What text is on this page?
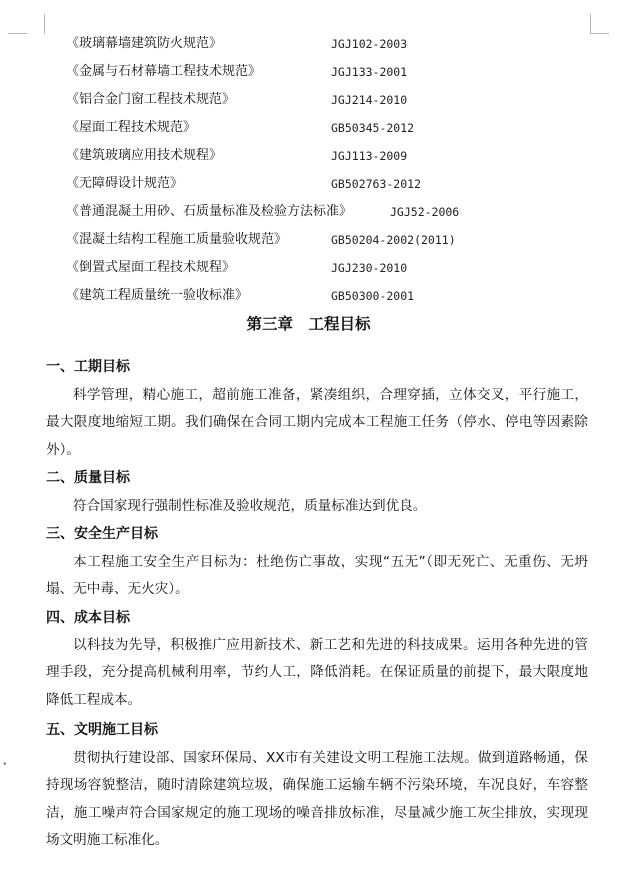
▾
《玻璃幕墙建筑防火规范》	JGJ102-2003
《金属与石材幕墙工程技术规范》	JGJ133-2001
《铝合金门窗工程技术规范》	JGJ214-2010
《屋面工程技术规范》	GB50345-2012
《建筑玻璃应用技术规程》	JGJ113-2009
《无障碍设计规范》	GB502763-2012
《普通混凝土用砂、石质量标准及检验方法标准》	JGJ52-2006
《混凝土结构工程施工质量验收规范》	GB50204-2002(2011)
《倒置式屋面工程技术规程》	JGJ230-2010
《建筑工程质量统一验收标准》	GB50300-2001
第三章　工程目标
一、工期目标
科学管理，精心施工，超前施工准备，紧凑组织，合理穿插，立体交叉，平行施工，最大限度地缩短工期。我们确保在合同工期内完成本工程施工任务（停水、停电等因素除外）。
二、质量目标
符合国家现行强制性标准及验收规范，质量标准达到优良。
三、安全生产目标
本工程施工安全生产目标为：杜绝伤亡事故，实现“五无”（即无死亡、无重伤、无坍塌、无中毒、无火灾）。
四、成本目标
以科技为先导，积极推广应用新技术、新工艺和先进的科技成果。运用各种先进的管理手段，充分提高机械利用率，节约人工，降低消耗。在保证质量的前提下，最大限度地降低工程成本。
五、文明施工目标
贯彻执行建设部、国家环保局、XX市有关建设文明工程施工法规。做到道路畅通，保持现场容貌整洁，随时清除建筑垃圾，确保施工运输车辆不污染环境，车况良好，车容整洁，施工噪声符合国家规定的施工现场的噪音排放标准，尽量减少施工灰尘排放，实现现场文明施工标准化。
